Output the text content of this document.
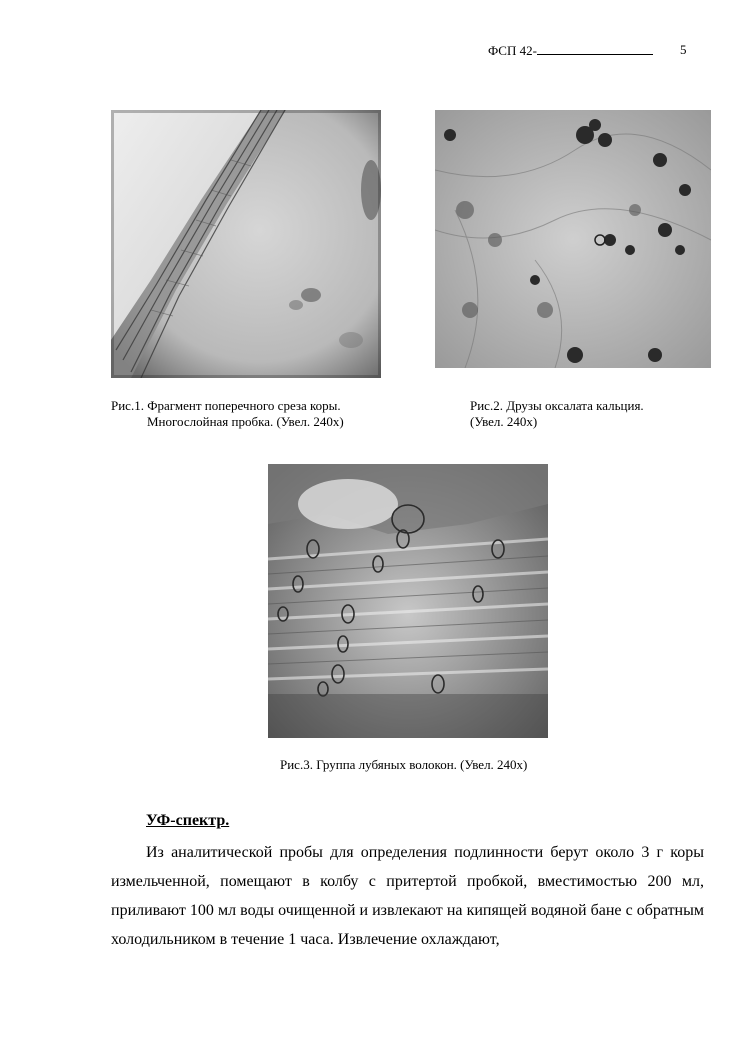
ФСП 42-	5
Рис.1. Фрагмент поперечного среза коры.
Многослойная пробка. (Увел. 240х)
Рис.2. Друзы оксалата кальция.
(Увел. 240х)
Рис.3. Группа лубяных волокон. (Увел. 240х)
УФ-спектр.
Из аналитической пробы для определения подлинности берут около 3 г коры измельченной, помещают в колбу с притертой пробкой, вместимостью 200 мл, приливают 100 мл воды очищенной и извлекают на кипящей водяной бане с обратным холодильником в течение 1 часа. Извлечение охлаждают,
